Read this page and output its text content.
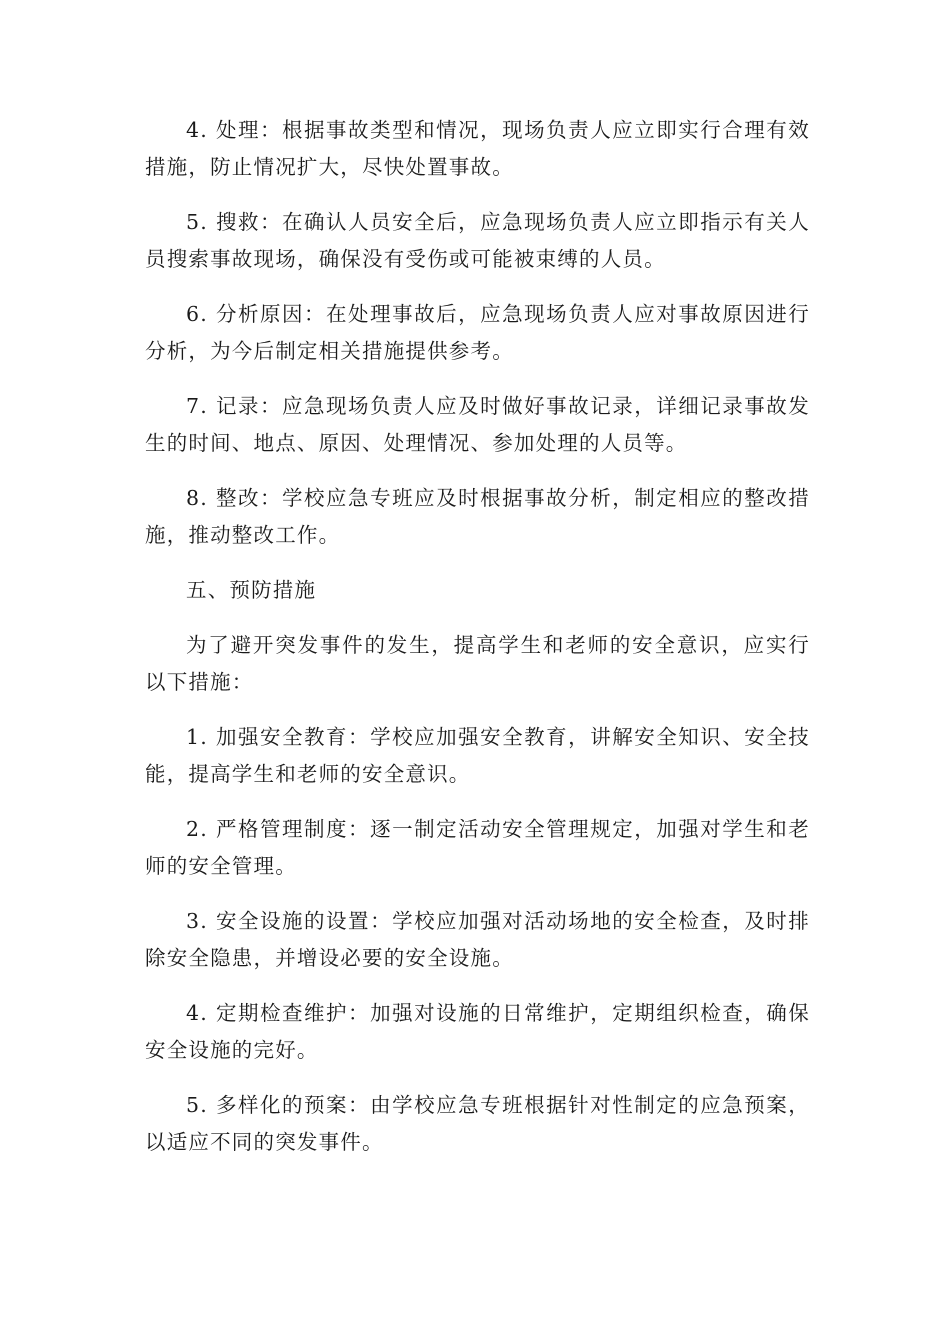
4. 处理：根据事故类型和情况，现场负责人应立即实行合理有效措施，防止情况扩大，尽快处置事故。

5. 搜救：在确认人员安全后，应急现场负责人应立即指示有关人员搜索事故现场，确保没有受伤或可能被束缚的人员。

6. 分析原因：在处理事故后，应急现场负责人应对事故原因进行分析，为今后制定相关措施提供参考。

7. 记录：应急现场负责人应及时做好事故记录，详细记录事故发生的时间、地点、原因、处理情况、参加处理的人员等。

8. 整改：学校应急专班应及时根据事故分析，制定相应的整改措施，推动整改工作。

五、预防措施

为了避开突发事件的发生，提高学生和老师的安全意识，应实行以下措施：

1. 加强安全教育：学校应加强安全教育，讲解安全知识、安全技能，提高学生和老师的安全意识。

2. 严格管理制度：逐一制定活动安全管理规定，加强对学生和老师的安全管理。

3. 安全设施的设置：学校应加强对活动场地的安全检查，及时排除安全隐患，并增设必要的安全设施。

4. 定期检查维护：加强对设施的日常维护，定期组织检查，确保安全设施的完好。

5. 多样化的预案：由学校应急专班根据针对性制定的应急预案，以适应不同的突发事件。
